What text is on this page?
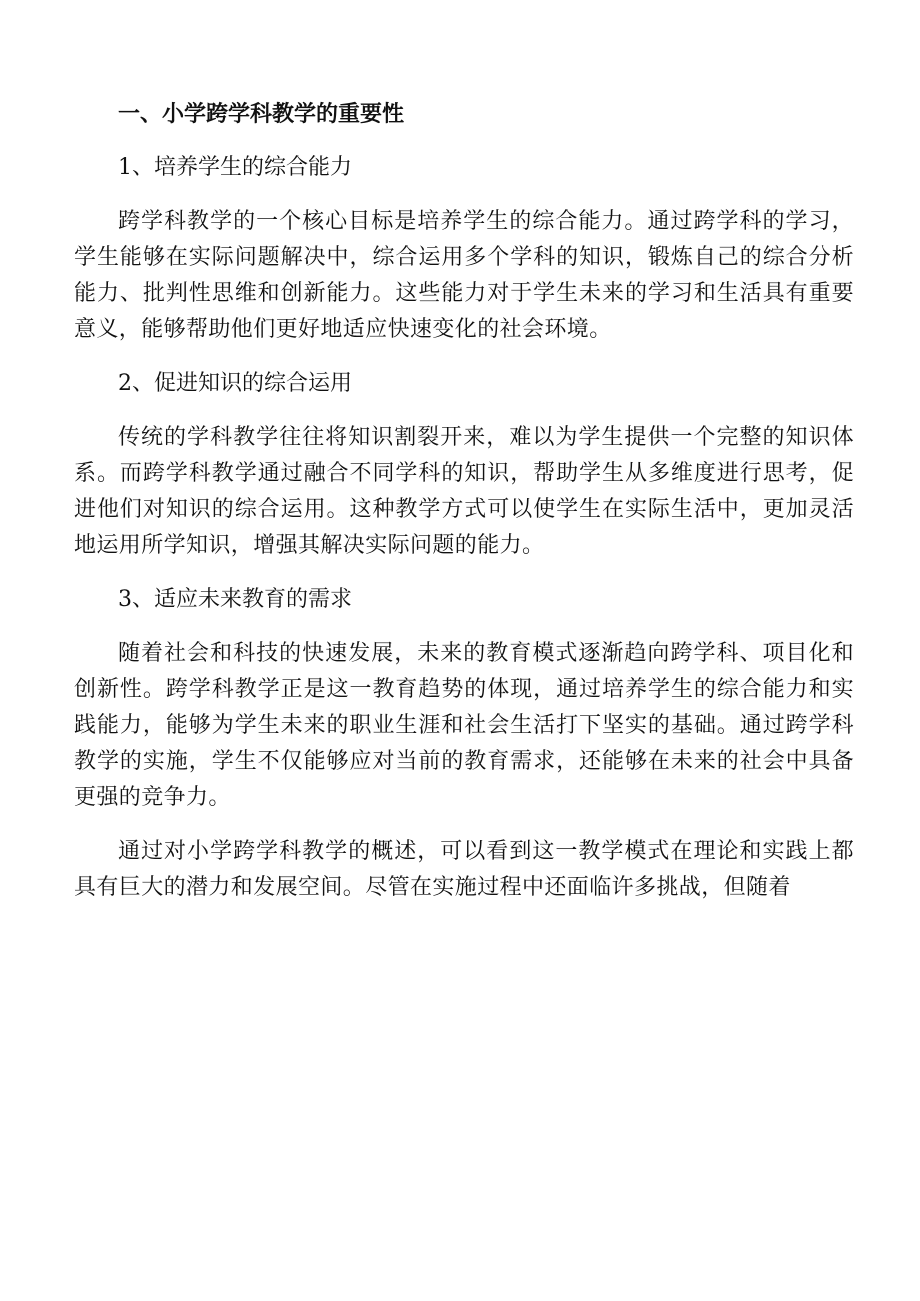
一、小学跨学科教学的重要性
1、培养学生的综合能力

跨学科教学的一个核心目标是培养学生的综合能力。通过跨学科的学习，学生能够在实际问题解决中，综合运用多个学科的知识，锻炼自己的综合分析能力、批判性思维和创新能力。这些能力对于学生未来的学习和生活具有重要意义，能够帮助他们更好地适应快速变化的社会环境。

2、促进知识的综合运用

传统的学科教学往往将知识割裂开来，难以为学生提供一个完整的知识体系。而跨学科教学通过融合不同学科的知识，帮助学生从多维度进行思考，促进他们对知识的综合运用。这种教学方式可以使学生在实际生活中，更加灵活地运用所学知识，增强其解决实际问题的能力。

3、适应未来教育的需求

随着社会和科技的快速发展，未来的教育模式逐渐趋向跨学科、项目化和创新性。跨学科教学正是这一教育趋势的体现，通过培养学生的综合能力和实践能力，能够为学生未来的职业生涯和社会生活打下坚实的基础。通过跨学科教学的实施，学生不仅能够应对当前的教育需求，还能够在未来的社会中具备更强的竞争力。

通过对小学跨学科教学的概述，可以看到这一教学模式在理论和实践上都具有巨大的潜力和发展空间。尽管在实施过程中还面临许多挑战，但随着
